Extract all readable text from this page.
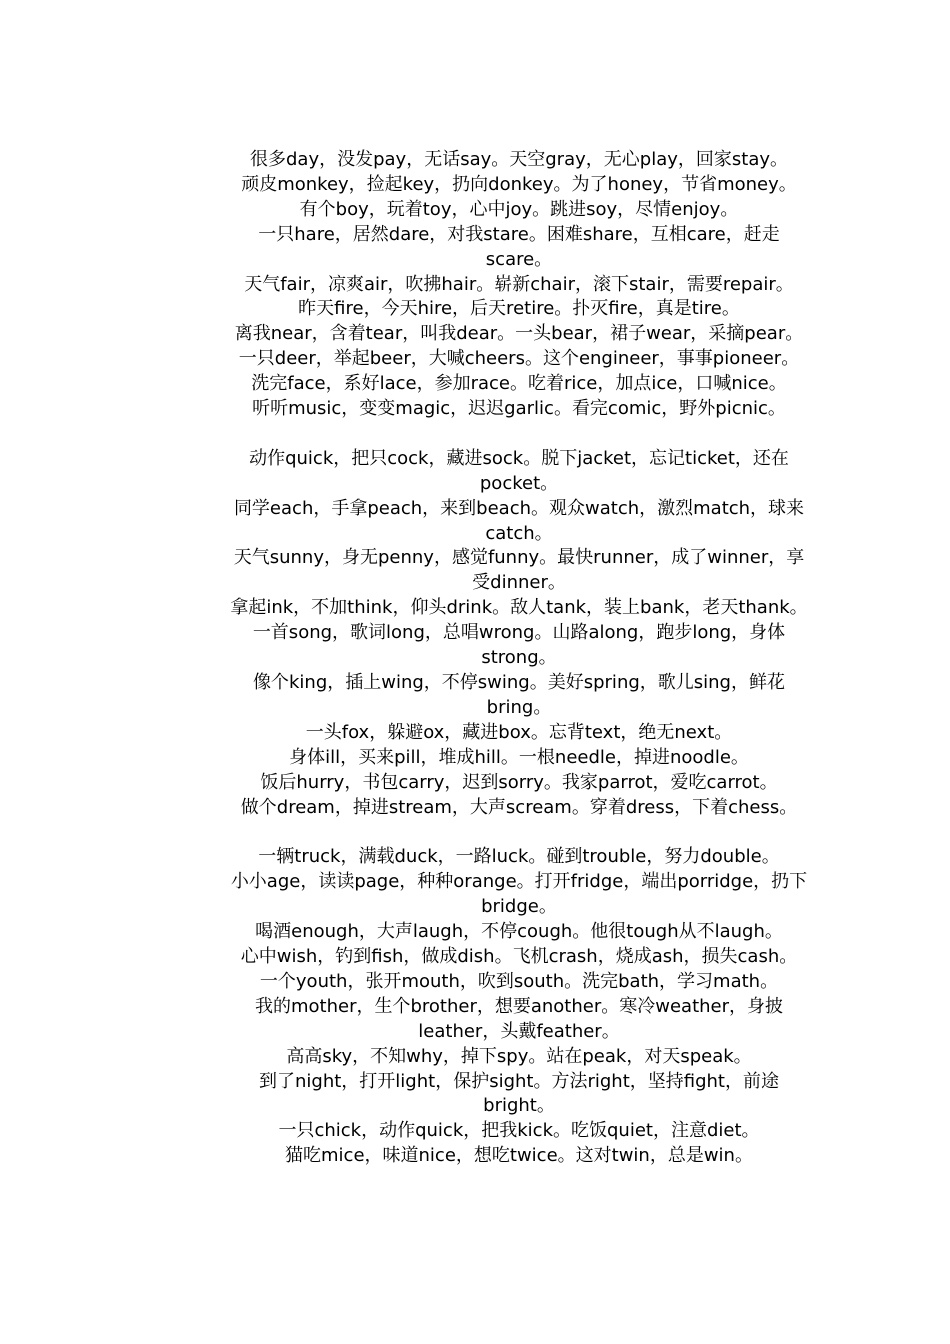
很多day，没发pay，无话say。天空gray，无心play，回家stay。

顽皮monkey，捡起key，扔向donkey。为了honey，节省money。

有个boy，玩着toy，心中joy。跳进soy，尽情enjoy。

一只hare，居然dare，对我stare。困难share，互相care，赶走scare。

天气fair，凉爽air，吹拂hair。崭新chair，滚下stair，需要repair。

昨天fire，今天hire，后天retire。扑灭fire，真是tire。

离我near，含着tear，叫我dear。一头bear，裙子wear，采摘pear。

一只deer，举起beer，大喊cheers。这个engineer，事事pioneer。

洗完face，系好lace，参加race。吃着rice，加点ice，口喊nice。

听听music，变变magic，迟迟garlic。看完comic，野外picnic。

动作quick，把只cock，藏进sock。脱下jacket，忘记ticket，还在pocket。

同学each，手拿peach，来到beach。观众watch，激烈match，球来catch。

天气sunny，身无penny，感觉funny。最快runner，成了winner，享受dinner。

拿起ink，不加think，仰头drink。敌人tank，装上bank，老天thank。

一首song，歌词long，总唱wrong。山路along，跑步long，身体strong。

像个king，插上wing，不停swing。美好spring，歌儿sing，鲜花bring。

一头fox，躲避ox，藏进box。忘背text，绝无next。

身体ill，买来pill，堆成hill。一根needle，掉进noodle。

饭后hurry，书包carry，迟到sorry。我家parrot，爱吃carrot。

做个dream，掉进stream，大声scream。穿着dress，下着chess。

一辆truck，满载duck，一路luck。碰到trouble，努力double。

小小age，读读page，种种orange。打开fridge，端出porridge，扔下bridge。

喝酒enough，大声laugh，不停cough。他很tough从不laugh。

心中wish，钓到fish，做成dish。飞机crash，烧成ash，损失cash。

一个youth，张开mouth，吹到south。洗完bath，学习math。

我的mother，生个brother，想要another。寒冷weather，身披leather，头戴feather。

高高sky，不知why，掉下spy。站在peak，对天speak。

到了night，打开light，保护sight。方法right，坚持fight，前途bright。

一只chick，动作quick，把我kick。吃饭quiet，注意diet。

猫吃mice，味道nice，想吃twice。这对twin，总是win。
